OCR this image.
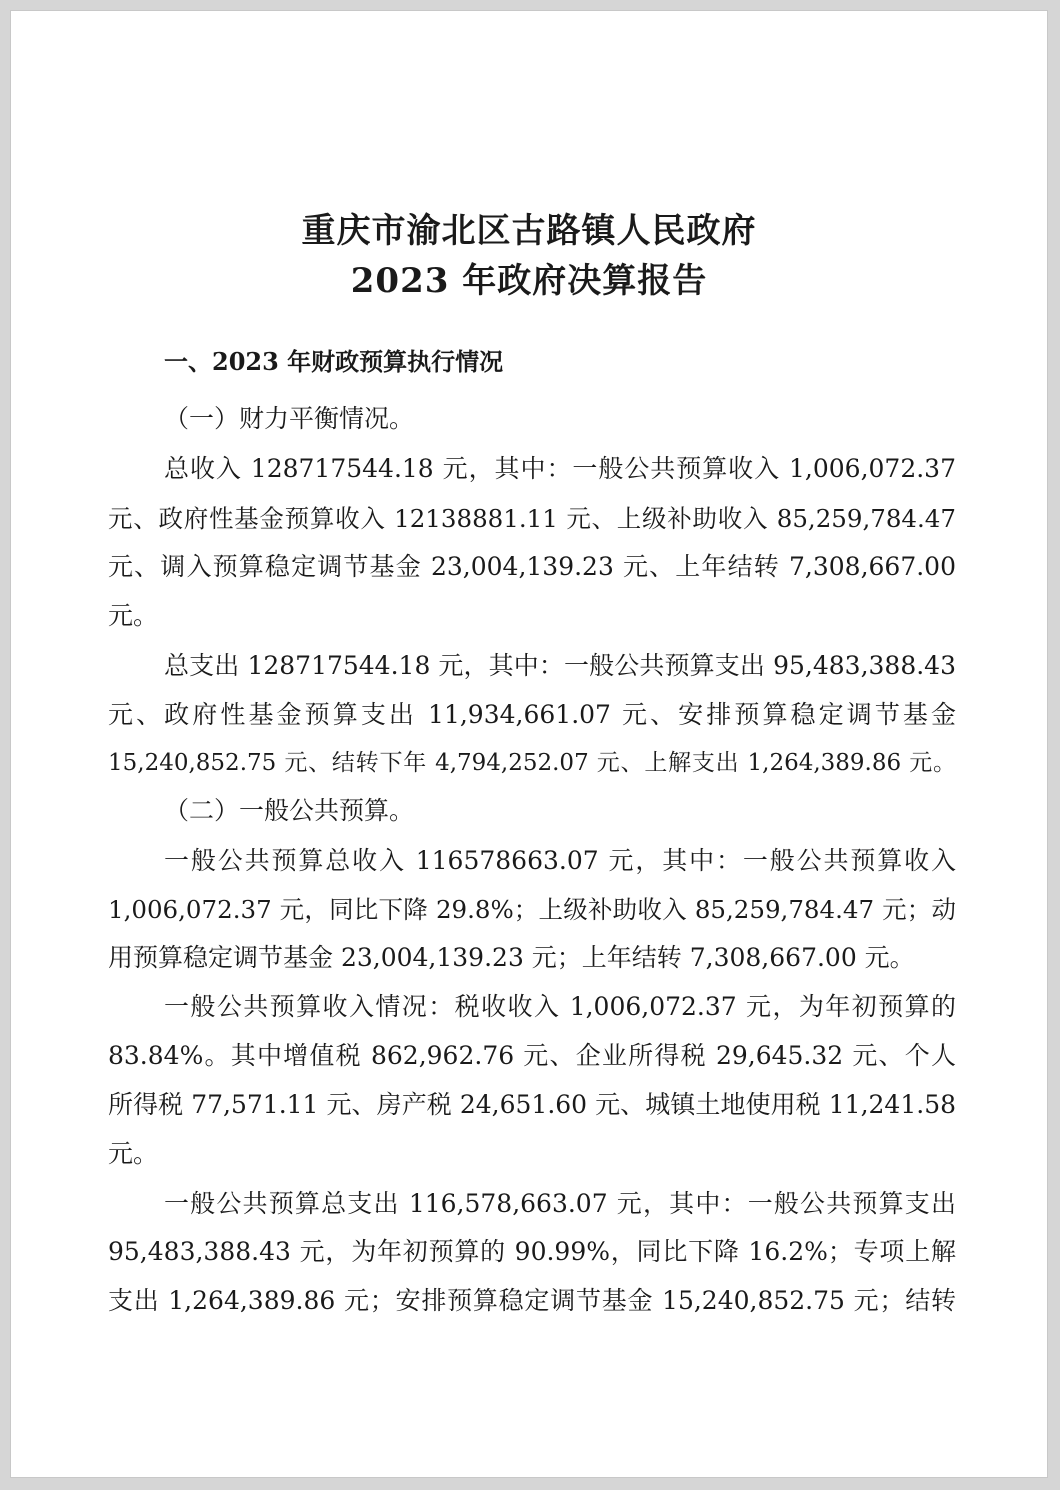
重庆市渝北区古路镇人民政府
2023 年政府决算报告
一、2023 年财政预算执行情况
（一）财力平衡情况。
总收入 128717544.18 元，其中：一般公共预算收入 1,006,072.37
元、政府性基金预算收入 12138881.11 元、上级补助收入 85,259,784.47
元、调入预算稳定调节基金 23,004,139.23 元、上年结转 7,308,667.00
元。
总支出 128717544.18 元，其中：一般公共预算支出 95,483,388.43
元、政府性基金预算支出 11,934,661.07 元、安排预算稳定调节基金
15,240,852.75 元、结转下年 4,794,252.07 元、上解支出 1,264,389.86 元。
（二）一般公共预算。
一般公共预算总收入 116578663.07 元，其中：一般公共预算收入
1,006,072.37 元，同比下降 29.8%；上级补助收入 85,259,784.47 元；动
用预算稳定调节基金 23,004,139.23 元；上年结转 7,308,667.00 元。
一般公共预算收入情况：税收收入 1,006,072.37 元，为年初预算的
83.84%。其中增值税 862,962.76 元、企业所得税 29,645.32 元、个人
所得税 77,571.11 元、房产税 24,651.60 元、城镇土地使用税 11,241.58
元。
一般公共预算总支出 116,578,663.07 元，其中：一般公共预算支出
95,483,388.43 元，为年初预算的 90.99%，同比下降 16.2%；专项上解
支出 1,264,389.86 元；安排预算稳定调节基金 15,240,852.75 元；结转
